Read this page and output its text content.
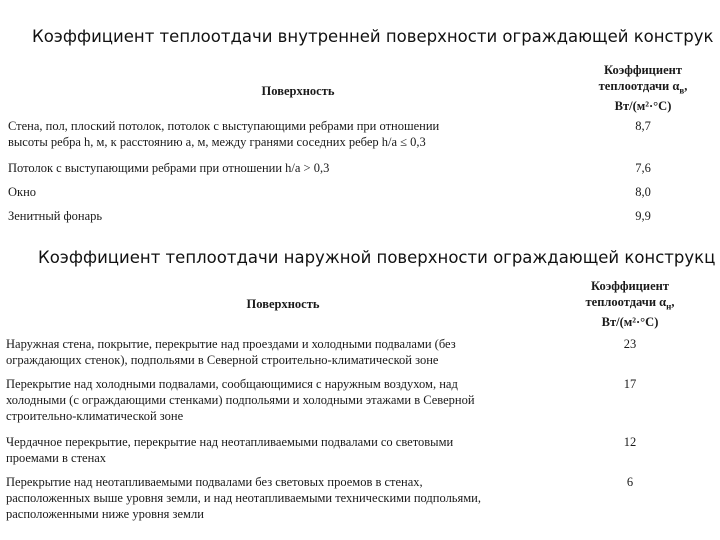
Коэффициент теплоотдачи внутренней поверхности ограждающей конструк
Поверхность	Коэффициент
теплоотдачи $\alpha_в$,
Вт/(м²·°С)

Стена, пол, плоский потолок, потолок с выступающими ребрами при отношении
высоты ребра h, м, к расстоянию a, м, между гранями соседних ребер h/a ≤ 0,3	8,7

Потолок с выступающими ребрами при отношении h/a > 0,3	7,6

Окно	8,0

Зенитный фонарь	9,9
Коэффициент теплоотдачи наружной поверхности ограждающей конструкц
Поверхность	Коэффициент
теплоотдачи $\alpha_н$,
Вт/(м²·°С)

Наружная стена, покрытие, перекрытие над проездами и холодными подвалами (без
ограждающих стенок), подпольями в Северной строительно-климатической зоне	23

Перекрытие над холодными подвалами, сообщающимися с наружным воздухом, над
холодными (с ограждающими стенками) подпольями и холодными этажами в Северной
строительно-климатической зоне	17

Чердачное перекрытие, перекрытие над неотапливаемыми подвалами со световыми
проемами в стенах	12

Перекрытие над неотапливаемыми подвалами без световых проемов в стенах,
расположенных выше уровня земли, и над неотапливаемыми техническими подпольями,
расположенными ниже уровня земли	6
